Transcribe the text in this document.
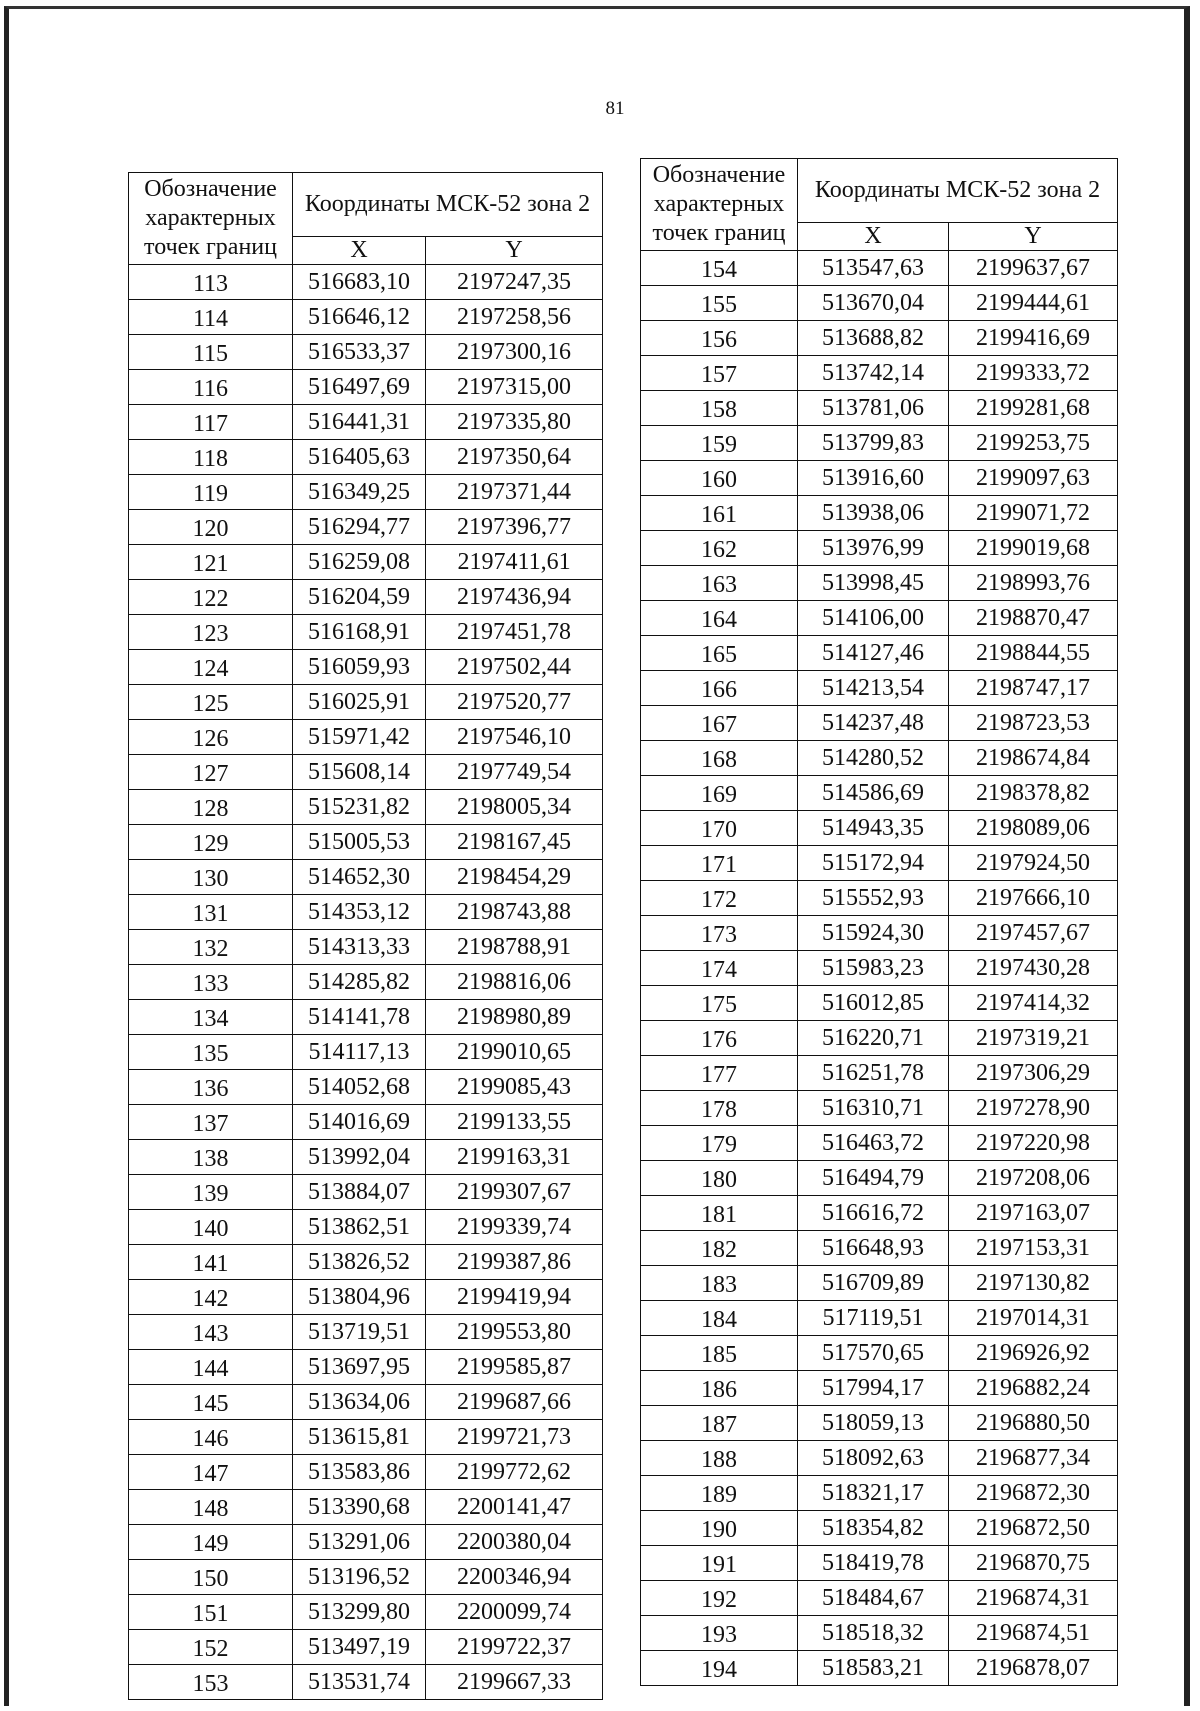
81
Обозначение характерных точек границ	Координаты МСК-52 зона 2	
	X	Y
113	516683,10	2197247,35
114	516646,12	2197258,56
115	516533,37	2197300,16
116	516497,69	2197315,00
117	516441,31	2197335,80
118	516405,63	2197350,64
119	516349,25	2197371,44
120	516294,77	2197396,77
121	516259,08	2197411,61
122	516204,59	2197436,94
123	516168,91	2197451,78
124	516059,93	2197502,44
125	516025,91	2197520,77
126	515971,42	2197546,10
127	515608,14	2197749,54
128	515231,82	2198005,34
129	515005,53	2198167,45
130	514652,30	2198454,29
131	514353,12	2198743,88
132	514313,33	2198788,91
133	514285,82	2198816,06
134	514141,78	2198980,89
135	514117,13	2199010,65
136	514052,68	2199085,43
137	514016,69	2199133,55
138	513992,04	2199163,31
139	513884,07	2199307,67
140	513862,51	2199339,74
141	513826,52	2199387,86
142	513804,96	2199419,94
143	513719,51	2199553,80
144	513697,95	2199585,87
145	513634,06	2199687,66
146	513615,81	2199721,73
147	513583,86	2199772,62
148	513390,68	2200141,47
149	513291,06	2200380,04
150	513196,52	2200346,94
151	513299,80	2200099,74
152	513497,19	2199722,37
153	513531,74	2199667,33
Обозначение характерных точек границ	Координаты МСК-52 зона 2	
	X	Y
154	513547,63	2199637,67
155	513670,04	2199444,61
156	513688,82	2199416,69
157	513742,14	2199333,72
158	513781,06	2199281,68
159	513799,83	2199253,75
160	513916,60	2199097,63
161	513938,06	2199071,72
162	513976,99	2199019,68
163	513998,45	2198993,76
164	514106,00	2198870,47
165	514127,46	2198844,55
166	514213,54	2198747,17
167	514237,48	2198723,53
168	514280,52	2198674,84
169	514586,69	2198378,82
170	514943,35	2198089,06
171	515172,94	2197924,50
172	515552,93	2197666,10
173	515924,30	2197457,67
174	515983,23	2197430,28
175	516012,85	2197414,32
176	516220,71	2197319,21
177	516251,78	2197306,29
178	516310,71	2197278,90
179	516463,72	2197220,98
180	516494,79	2197208,06
181	516616,72	2197163,07
182	516648,93	2197153,31
183	516709,89	2197130,82
184	517119,51	2197014,31
185	517570,65	2196926,92
186	517994,17	2196882,24
187	518059,13	2196880,50
188	518092,63	2196877,34
189	518321,17	2196872,30
190	518354,82	2196872,50
191	518419,78	2196870,75
192	518484,67	2196874,31
193	518518,32	2196874,51
194	518583,21	2196878,07
